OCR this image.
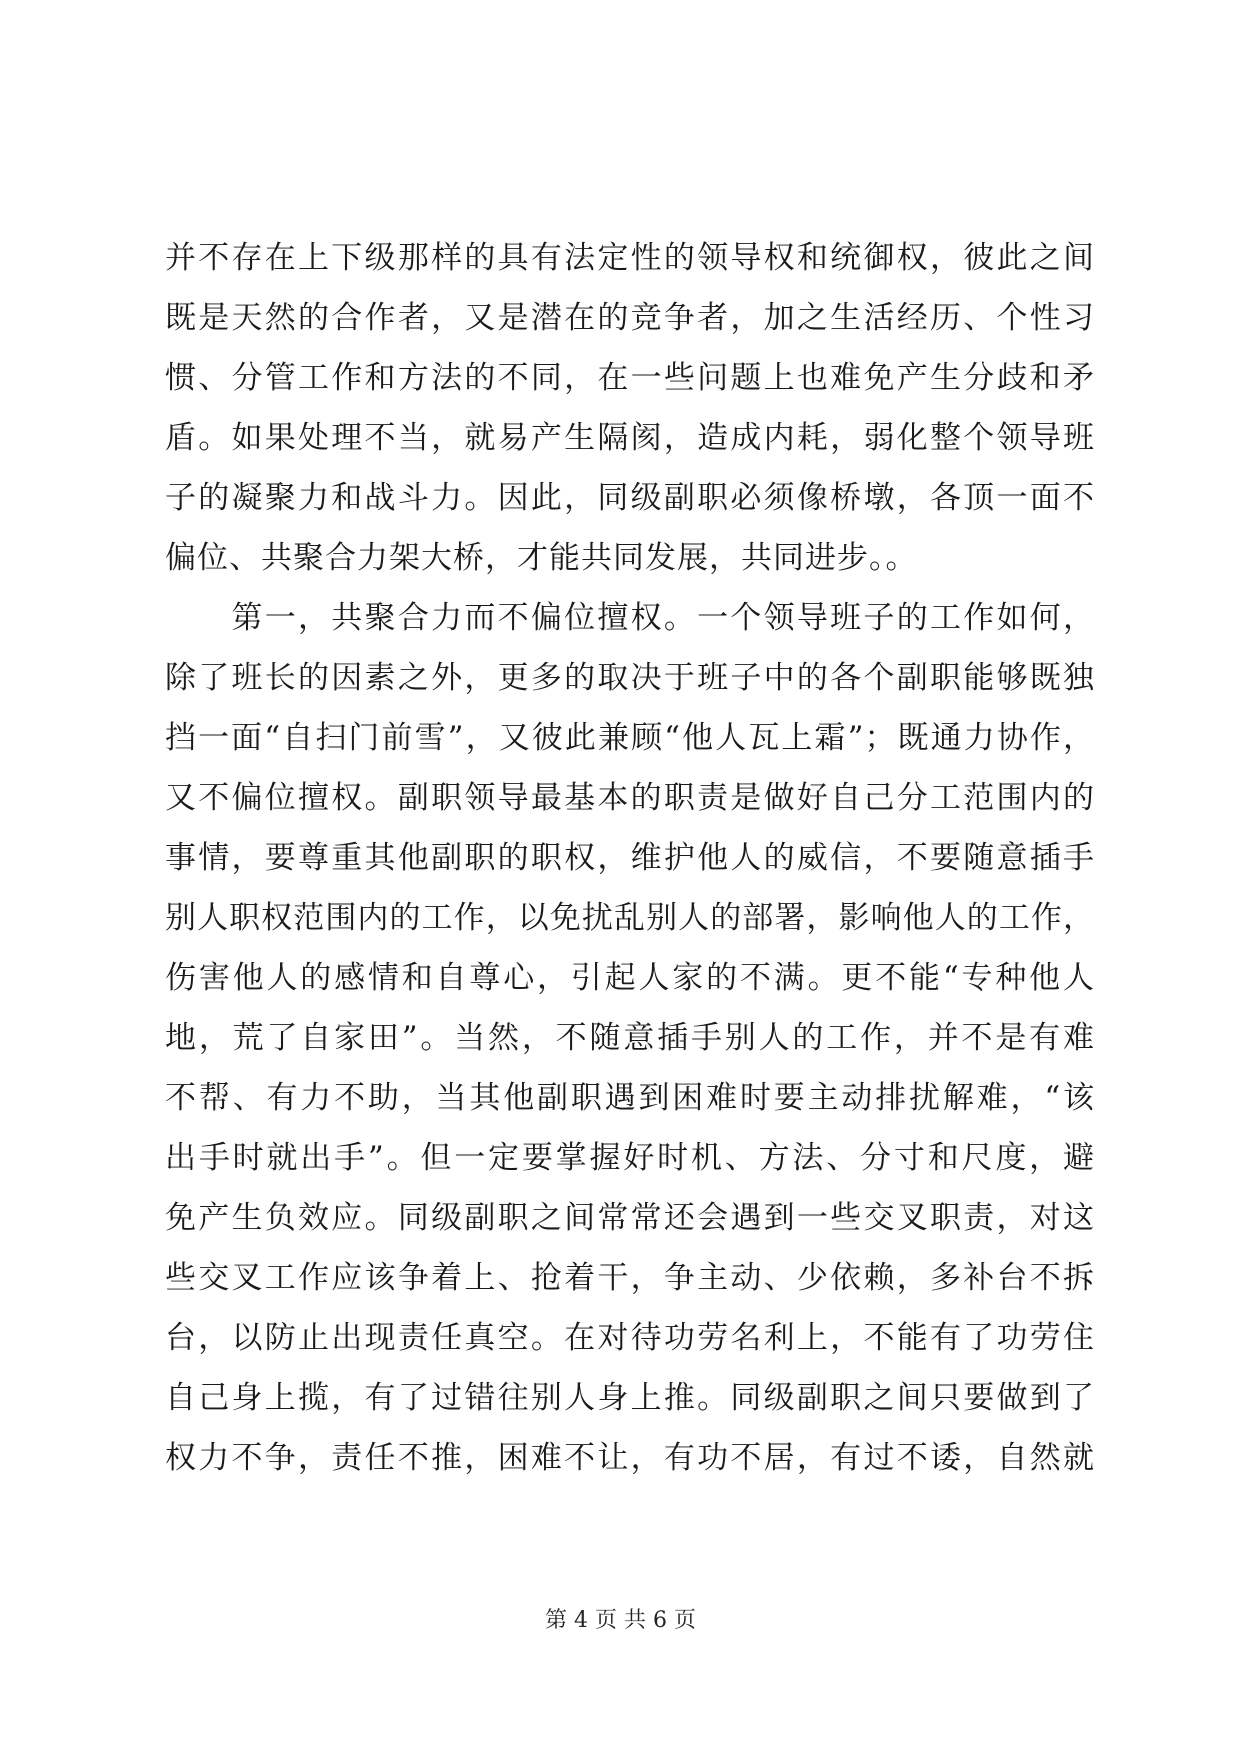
并不存在上下级那样的具有法定性的领导权和统御权，彼此之间
既是天然的合作者，又是潜在的竞争者，加之生活经历、个性习
惯、分管工作和方法的不同，在一些问题上也难免产生分歧和矛
盾。如果处理不当，就易产生隔阂，造成内耗，弱化整个领导班
子的凝聚力和战斗力。因此，同级副职必须像桥墩，各顶一面不
偏位、共聚合力架大桥，才能共同发展，共同进步。。
　　第一，共聚合力而不偏位擅权。一个领导班子的工作如何，
除了班长的因素之外，更多的取决于班子中的各个副职能够既独
挡一面“自扫门前雪”，又彼此兼顾“他人瓦上霜”；既通力协作，
又不偏位擅权。副职领导最基本的职责是做好自己分工范围内的
事情，要尊重其他副职的职权，维护他人的威信，不要随意插手
别人职权范围内的工作，以免扰乱别人的部署，影响他人的工作，
伤害他人的感情和自尊心，引起人家的不满。更不能“专种他人
地，荒了自家田”。当然，不随意插手别人的工作，并不是有难
不帮、有力不助，当其他副职遇到困难时要主动排扰解难，“该
出手时就出手”。但一定要掌握好时机、方法、分寸和尺度，避
免产生负效应。同级副职之间常常还会遇到一些交叉职责，对这
些交叉工作应该争着上、抢着干，争主动、少依赖，多补台不拆
台，以防止出现责任真空。在对待功劳名利上，不能有了功劳住
自己身上揽，有了过错往别人身上推。同级副职之间只要做到了
权力不争，责任不推，困难不让，有功不居，有过不诿，自然就
第 4 页 共 6 页
